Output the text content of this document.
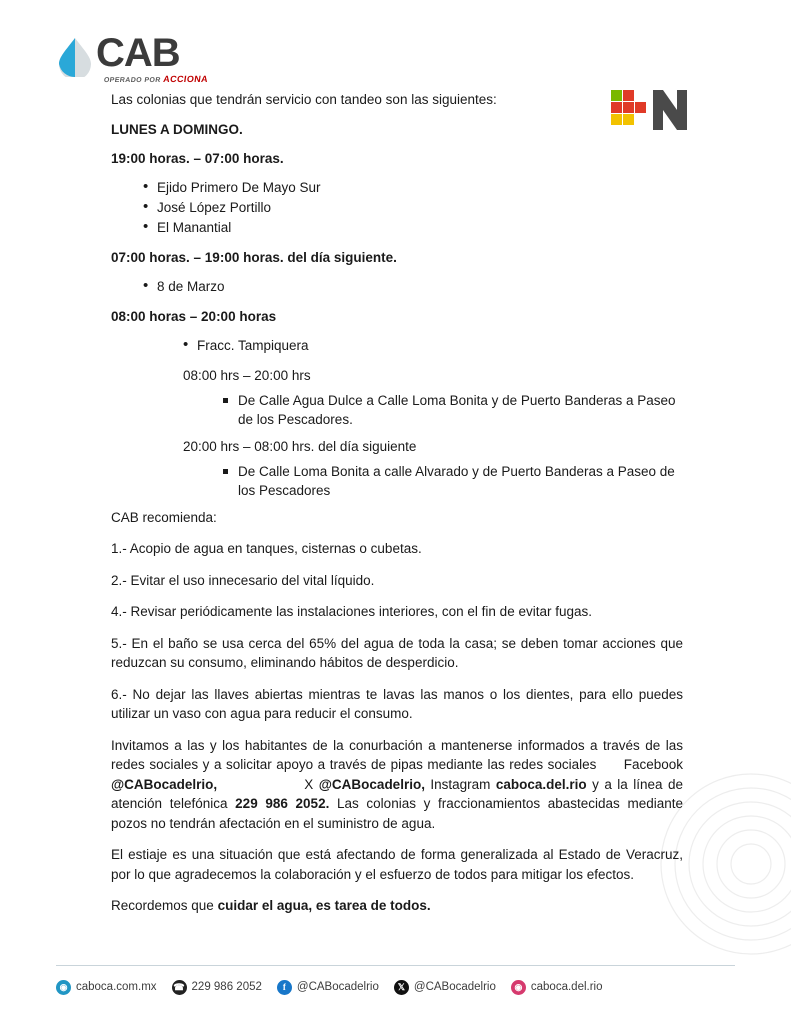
CAB
OPERADO POR ACCIONA

Las colonias que tendrán servicio con tandeo son las siguientes:

LUNES A DOMINGO.

19:00 horas. – 07:00 horas.

• Ejido Primero De Mayo Sur
• José López Portillo
• El Manantial

07:00 horas. – 19:00 horas. del día siguiente.

• 8 de Marzo

08:00 horas – 20:00 horas

• Fracc. Tampiquera

08:00 hrs – 20:00 hrs

De Calle Agua Dulce a Calle Loma Bonita y de Puerto Banderas a Paseo de los Pescadores.

20:00 hrs – 08:00 hrs. del día siguiente

De Calle Loma Bonita a calle Alvarado y de Puerto Banderas a Paseo de los Pescadores

CAB recomienda:

1.- Acopio de agua en tanques, cisternas o cubetas.

2.- Evitar el uso innecesario del vital líquido.

4.- Revisar periódicamente las instalaciones interiores, con el fin de evitar fugas.

5.- En el baño se usa cerca del 65% del agua de toda la casa; se deben tomar acciones que reduzcan su consumo, eliminando hábitos de desperdicio.

6.- No dejar las llaves abiertas mientras te lavas las manos o los dientes, para ello puedes utilizar un vaso con agua para reducir el consumo.

Invitamos a las y los habitantes de la conurbación a mantenerse informados a través de las redes sociales y a solicitar apoyo a través de pipas mediante las redes sociales Facebook @CABocadelrio,	X @CABocadelrio, Instagram caboca.del.rio y a la línea de atención telefónica 229 986 2052. Las colonias y fraccionamientos abastecidas mediante pozos no tendrán afectación en el suministro de agua.

El estiaje es una situación que está afectando de forma generalizada al Estado de Veracruz, por lo que agradecemos la colaboración y el esfuerzo de todos para mitigar los efectos.

Recordemos que cuidar el agua, es tarea de todos.

◉ caboca.com.mx ☎ 229 986 2052	f @CABocadelrio	𝕏 @CABocadelrio	◉ caboca.del.rio
